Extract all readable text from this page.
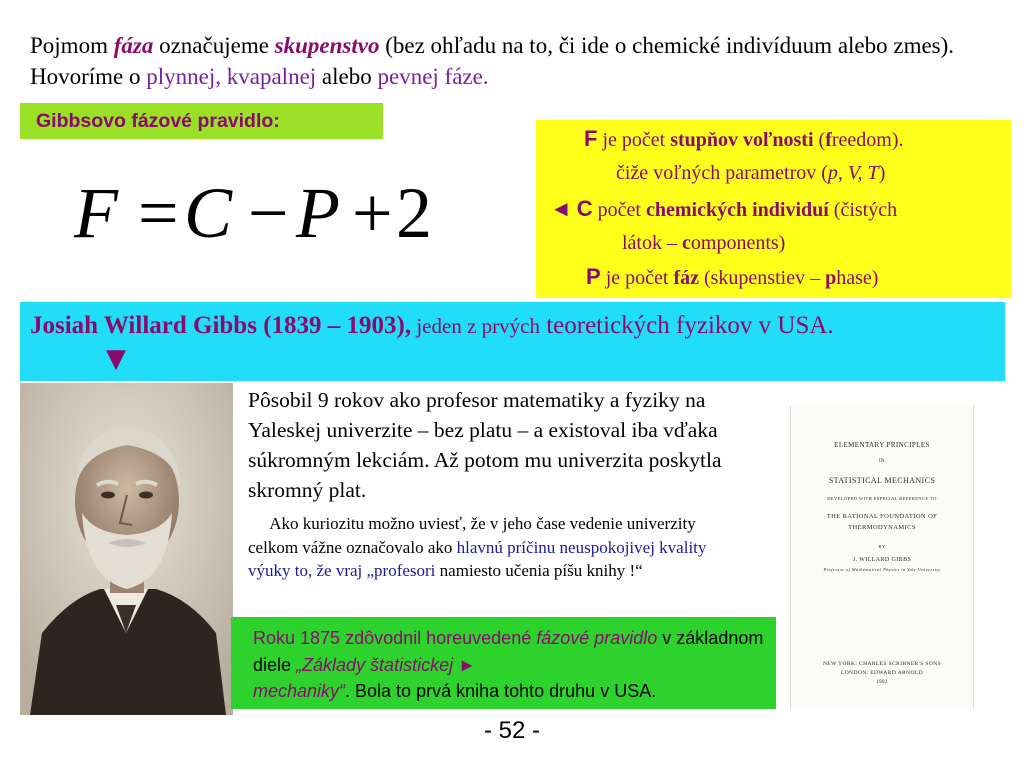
Pojmom fáza označujeme skupenstvo (bez ohľadu na to, či ide o chemické indivíduum alebo zmes). Hovoríme o plynnej, kvapalnej alebo pevnej fáze.
Gibbsovo fázové pravidlo:
F = C − P + 2
F je počet stupňov voľnosti (freedom).
čiže voľných parametrov (p, V, T)
◄ C počet chemických individuí (čistých
látok – components)
P je počet fáz (skupenstiev – phase)
Josiah Willard Gibbs (1839 – 1903), jeden z prvých teoretických fyzikov v USA.
▼
Pôsobil 9 rokov ako profesor matematiky a fyziky na Yaleskej univerzite – bez platu – a existoval iba vďaka súkromným lekciám. Až potom mu univerzita poskytla skromný plat.
Ako kuriozitu možno uviesť, že v jeho čase vedenie univerzity celkom vážne označovalo ako hlavnú príčinu neuspokojivej kvality výuky to, že vraj „profesori namiesto učenia píšu knihy !“
ELEMENTARY PRINCIPLES
IN
STATISTICAL MECHANICS
DEVELOPED WITH ESPECIAL REFERENCE TO
THE RATIONAL FOUNDATION OF
THERMODYNAMICS
BY
J. WILLARD GIBBS
Professor of Mathematical Physics in Yale University
NEW YORK: CHARLES SCRIBNER'S SONS
LONDON: EDWARD ARNOLD
1902
Roku 1875 zdôvodnil horeuvedené fázové pravidlo v základnom diele „Základy štatistickej ►
mechaniky“. Bola to prvá kniha tohto druhu v USA.
- 52 -
